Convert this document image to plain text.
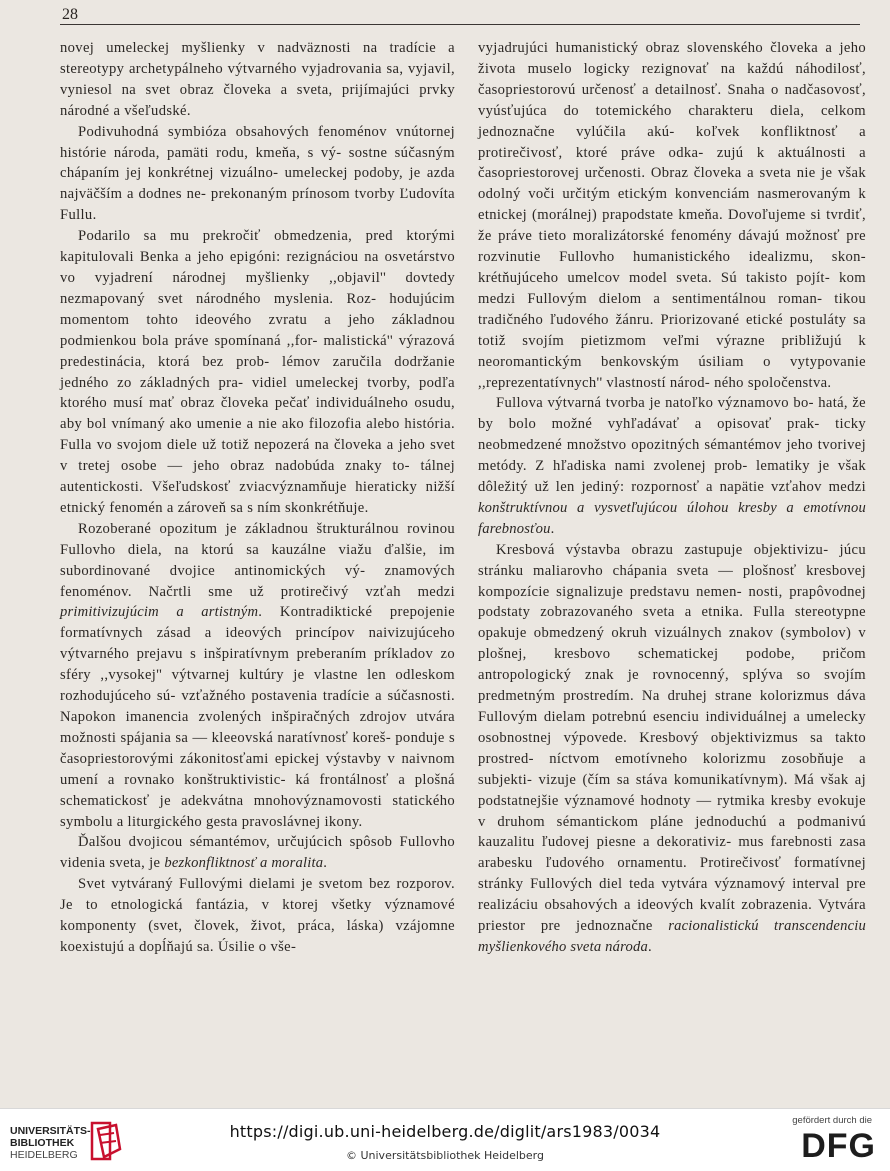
28

novej umeleckej myšlienky v nadväznosti na tradície a stereotypy archetypálneho výtvarného vyjadrovania sa, vyjavil, vyniesol na svet obraz človeka a sveta, prijímajúci prvky národné a všeľudské.

Podivuhodná symbióza obsahových fenoménov vnútornej histórie národa, pamäti rodu, kmeňa, s vý- sostne súčasným chápaním jej konkrétnej vizuálno- umeleckej podoby, je azda najväčším a dodnes ne- prekonaným prínosom tvorby Ľudovíta Fullu.

Podarilo sa mu prekročiť obmedzenia, pred ktorými kapitulovali Benka a jeho epigóni: rezignáciou na osvetárstvo vo vyjadrení národnej myšlienky ,,objavil'' dovtedy nezmapovaný svet národného myslenia. Roz- hodujúcim momentom tohto ideového zvratu a jeho základnou podmienkou bola práve spomínaná ,,for- malistická'' výrazová predestinácia, ktorá bez prob- lémov zaručila dodržanie jedného zo základných pra- vidiel umeleckej tvorby, podľa ktorého musí mať obraz človeka pečať individuálneho osudu, aby bol vnímaný ako umenie a nie ako filozofia alebo história. Fulla vo svojom diele už totiž nepozerá na človeka a jeho svet v tretej osobe — jeho obraz nadobúda znaky to- tálnej autentickosti. Všeľudskosť zviacvýznamňuje hieraticky nižší etnický fenomén a zároveň sa s ním skonkrétňuje.

Rozoberané opozitum je základnou štrukturálnou rovinou Fullovho diela, na ktorú sa kauzálne viažu ďalšie, im subordinované dvojice antinomických vý- znamových fenoménov. Načrtli sme už protirečivý vzťah medzi primitivizujúcim a artistným. Kontradiktické prepojenie formatívnych zásad a ideových princípov naivizujúceho výtvarného prejavu s inšpiratívnym preberaním príkladov zo sféry ,,vysokej'' výtvarnej kultúry je vlastne len odleskom rozhodujúceho sú- vzťažného postavenia tradície a súčasnosti. Napokon imanencia zvolených inšpiračných zdrojov utvára možnosti spájania sa — kleeovská naratívnosť koreš- ponduje s časopriestorovými zákonitosťami epickej výstavby v naivnom umení a rovnako konštruktivistic- ká frontálnosť a plošná schematickosť je adekvátna mnohovýznamovosti statického symbolu a liturgického gesta pravoslávnej ikony.

Ďalšou dvojicou sémantémov, určujúcich spôsob Fullovho videnia sveta, je bezkonfliktnosť a moralita.

Svet vytváraný Fullovými dielami je svetom bez rozporov. Je to etnologická fantázia, v ktorej všetky významové komponenty (svet, človek, život, práca, láska) vzájomne koexistujú a dopĺňajú sa. Úsilie o vše-

vyjadrujúci humanistický obraz slovenského človeka a jeho života muselo logicky rezignovať na každú náhodilosť, časopriestorovú určenosť a detailnosť. Snaha o nadčasovosť, vyúsťujúca do totemického charakteru diela, celkom jednoznačne vylúčila akú- koľvek konfliktnosť a protirečivosť, ktoré práve odka- zujú k aktuálnosti a časopriestorovej určenosti. Obraz človeka a sveta nie je však odolný voči určitým etickým konvenciám nasmerovaným k etnickej (morálnej) prapodstate kmeňa. Dovoľujeme si tvrdiť, že práve tieto moralizátorské fenomény dávajú možnosť pre rozvinutie Fullovho humanistického idealizmu, skon- krétňujúceho umelcov model sveta. Sú takisto pojít- kom medzi Fullovým dielom a sentimentálnou roman- tikou tradičného ľudového žánru. Priorizované etické postuláty sa totiž svojím pietizmom veľmi výrazne približujú k neoromantickým benkovským úsiliam o vytypovanie ,,reprezentatívnych'' vlastností národ- ného spoločenstva.

Fullova výtvarná tvorba je natoľko významovo bo- hatá, že by bolo možné vyhľadávať a opisovať prak- ticky neobmedzené množstvo opozitných sémantémov jeho tvorivej metódy. Z hľadiska nami zvolenej prob- lematiky je však dôležitý už len jediný: rozpornosť a napätie vzťahov medzi konštruktívnou a vysvetľujúcou úlohou kresby a emotívnou farebnosťou.

Kresbová výstavba obrazu zastupuje objektivizu- júcu stránku maliarovho chápania sveta — plošnosť kresbovej kompozície signalizuje predstavu nemen- nosti, prapôvodnej podstaty zobrazovaného sveta a etnika. Fulla stereotypne opakuje obmedzený okruh vizuálnych znakov (symbolov) v plošnej, kresbovo schematickej podobe, pričom antropologický znak je rovnocenný, splýva so svojím predmetným prostredím. Na druhej strane kolorizmus dáva Fullovým dielam potrebnú esenciu individuálnej a umelecky osobnostnej výpovede. Kresbový objektivizmus sa takto prostred- níctvom emotívneho kolorizmu zosobňuje a subjekti- vizuje (čím sa stáva komunikatívnym). Má však aj podstatnejšie významové hodnoty — rytmika kresby evokuje v druhom sémantickom pláne jednoduchú a podmanivú kauzalitu ľudovej piesne a dekorativiz- mus farebnosti zasa arabesku ľudového ornamentu. Protirečivosť formatívnej stránky Fullových diel teda vytvára významový interval pre realizáciu obsahových a ideových kvalít zobrazenia. Vytvára priestor pre jednoznačne racionalistickú transcendenciu myšlienkového sveta národa.

UNIVERSITÄTS-
BIBLIOTHEK
HEIDELBERG
https://digi.ub.uni-heidelberg.de/diglit/ars1983/0034
© Universitätsbibliothek Heidelberg
gefördert durch die
DFG
